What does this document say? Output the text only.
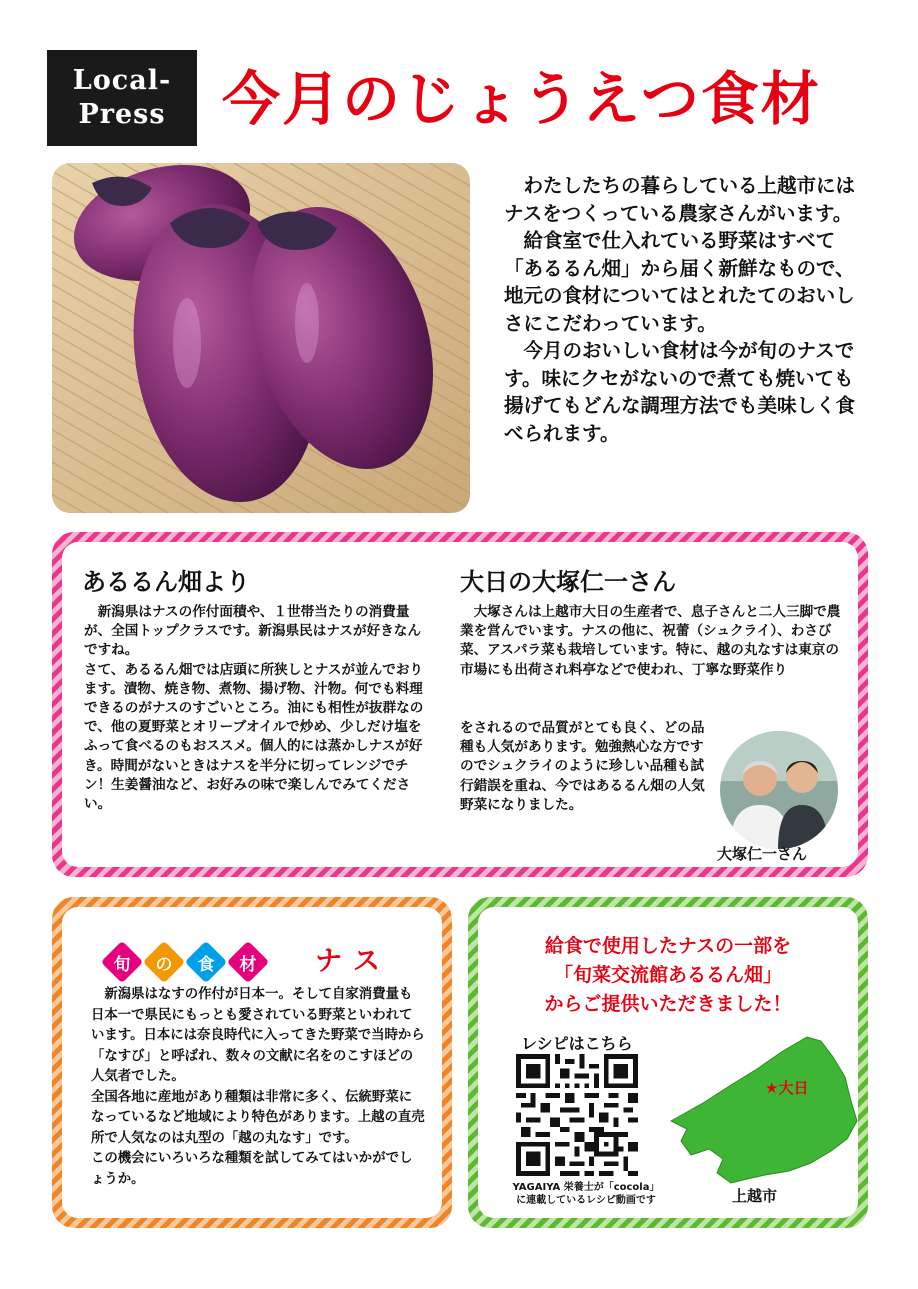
Local-
Press 今月のじょうえつ食材

わたしたちの暮らしている上越市にはナスをつくっている農家さんがいます。

給食室で仕入れている野菜はすべて「あるるん畑」から届く新鮮なもので、地元の食材についてはとれたてのおいしさにこだわっています。

今月のおいしい食材は今が旬のナスです。味にクセがないので煮ても焼いても揚げてもどんな調理方法でも美味しく食べられます。

あるるん畑より

新潟県はナスの作付面積や、１世帯当たりの消費量が、全国トップクラスです。新潟県民はナスが好きなんですね。

さて、あるるん畑では店頭に所狭しとナスが並んでおります。漬物、焼き物、煮物、揚げ物、汁物。何でも料理できるのがナスのすごいところ。油にも相性が抜群なので、他の夏野菜とオリーブオイルで炒め、少しだけ塩をふって食べるのもおススメ。個人的には蒸かしナスが好き。時間がないときはナスを半分に切ってレンジでチン！生姜醤油など、お好みの味で楽しんでみてください。

大日の大塚仁一さん

大塚さんは上越市大日の生産者で、息子さんと二人三脚で農業を営んでいます。ナスの他に、祝蕾（シュクライ）、わさび菜、アスパラ菜も栽培しています。特に、越の丸なすは東京の市場にも出荷され料亭などで使われ、丁寧な野菜作り

をされるので品質がとても良く、どの品種も人気があります。勉強熱心な方ですのでシュクライのように珍しい品種も試行錯誤を重ね、今ではあるるん畑の人気野菜になりました。

大塚仁一さん
旬	の	食	材	ナス

新潟県はなすの作付が日本一。そして自家消費量も日本一で県民にもっとも愛されている野菜といわれています。日本には奈良時代に入ってきた野菜で当時から「なすび」と呼ばれ、数々の文献に名をのこすほどの人気者でした。

全国各地に産地があり種類は非常に多く、伝統野菜になっているなど地域により特色があります。上越の直売所で人気なのは丸型の「越の丸なす」です。

この機会にいろいろな種類を試してみてはいかがでしょうか。

給食で使用したナスの一部を
「旬菜交流館あるるん畑」
からご提供いただきました！
レシピはこちら
YAGAIYA 栄養士が「cocola」
に連載しているレシピ動画です
★大日
上越市
